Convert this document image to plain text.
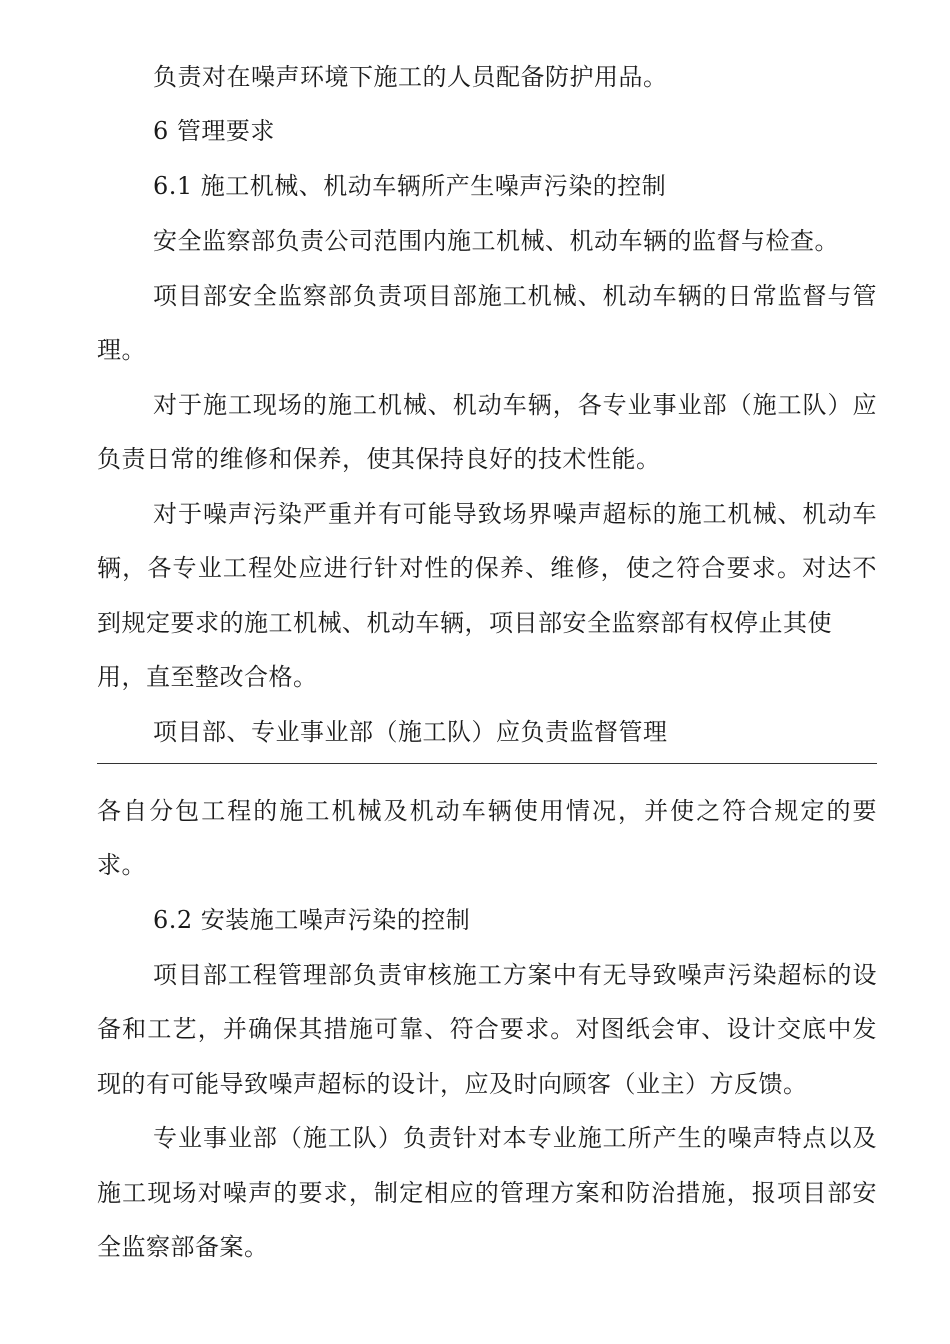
负责对在噪声环境下施工的人员配备防护用品。
6 管理要求
6.1 施工机械、机动车辆所产生噪声污染的控制
安全监察部负责公司范围内施工机械、机动车辆的监督与检查。
项目部安全监察部负责项目部施工机械、机动车辆的日常监督与管
理。
对于施工现场的施工机械、机动车辆，各专业事业部（施工队）应
负责日常的维修和保养，使其保持良好的技术性能。
对于噪声污染严重并有可能导致场界噪声超标的施工机械、机动车
辆，各专业工程处应进行针对性的保养、维修，使之符合要求。对达不
到规定要求的施工机械、机动车辆，项目部安全监察部有权停止其使
用，直至整改合格。
项目部、专业事业部（施工队）应负责监督管理
各自分包工程的施工机械及机动车辆使用情况，并使之符合规定的要
求。
6.2 安装施工噪声污染的控制
项目部工程管理部负责审核施工方案中有无导致噪声污染超标的设
备和工艺，并确保其措施可靠、符合要求。对图纸会审、设计交底中发
现的有可能导致噪声超标的设计，应及时向顾客（业主）方反馈。
专业事业部（施工队）负责针对本专业施工所产生的噪声特点以及
施工现场对噪声的要求，制定相应的管理方案和防治措施，报项目部安
全监察部备案。
